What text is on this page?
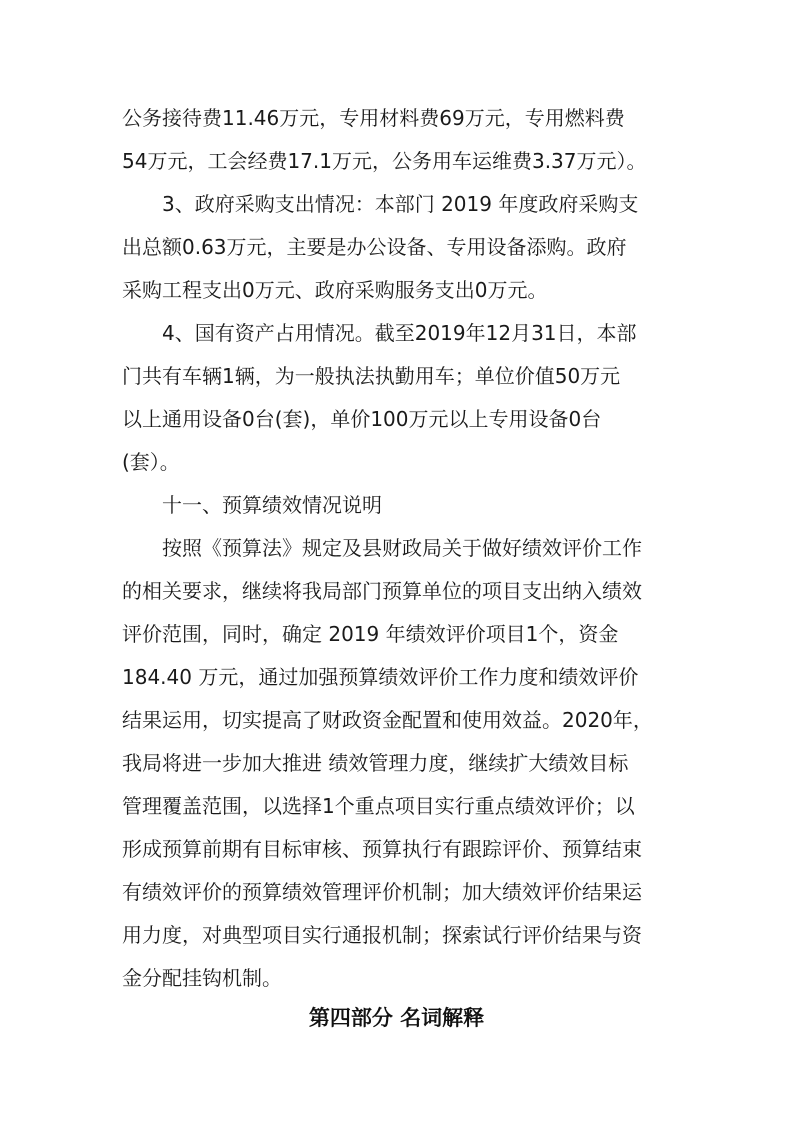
公务接待费11.46万元，专用材料费69万元，专用燃料费
54万元，工会经费17.1万元，公务用车运维费3.37万元）。
3、政府采购支出情况：本部门 2019 年度政府采购支
出总额0.63万元，主要是办公设备、专用设备添购。政府
采购工程支出0万元、政府采购服务支出0万元。
4、国有资产占用情况。截至2019年12月31日，本部
门共有车辆1辆，为一般执法执勤用车；单位价值50万元
以上通用设备0台(套)，单价100万元以上专用设备0台
(套）。
十一、预算绩效情况说明
按照《预算法》规定及县财政局关于做好绩效评价工作
的相关要求，继续将我局部门预算单位的项目支出纳入绩效
评价范围，同时，确定 2019 年绩效评价项目1个，资金
184.40 万元，通过加强预算绩效评价工作力度和绩效评价
结果运用，切实提高了财政资金配置和使用效益。2020年，
我局将进一步加大推进 绩效管理力度，继续扩大绩效目标
管理覆盖范围，以选择1个重点项目实行重点绩效评价；以
形成预算前期有目标审核、预算执行有跟踪评价、预算结束
有绩效评价的预算绩效管理评价机制；加大绩效评价结果运
用力度，对典型项目实行通报机制；探索试行评价结果与资
金分配挂钩机制。
第四部分 名词解释
